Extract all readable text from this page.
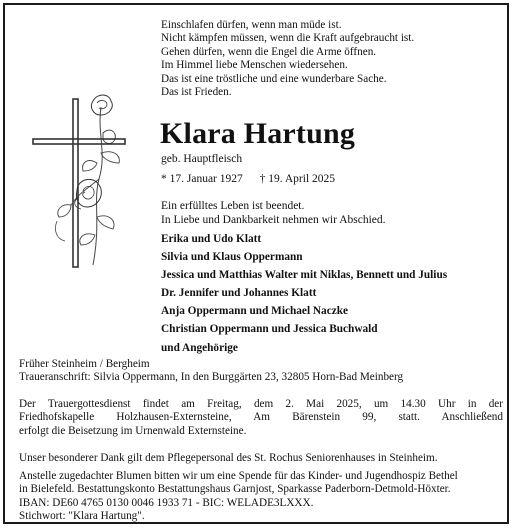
Einschlafen dürfen, wenn man müde ist.
Nicht kämpfen müssen, wenn die Kraft aufgebraucht ist.
Gehen dürfen, wenn die Engel die Arme öffnen.
Im Himmel liebe Menschen wiedersehen.
Das ist eine tröstliche und eine wunderbare Sache.
Das ist Frieden.
Klara Hartung
geb. Hauptfleisch
* 17. Januar 1927 † 19. April 2025
Ein erfülltes Leben ist beendet.
In Liebe und Dankbarkeit nehmen wir Abschied.
Erika und Udo Klatt
Silvia und Klaus Oppermann
Jessica und Matthias Walter mit Niklas, Bennett und Julius
Dr. Jennifer und Johannes Klatt
Anja Oppermann und Michael Naczke
Christian Oppermann und Jessica Buchwald
und Angehörige
Früher Steinheim / Bergheim
Traueranschrift: Silvia Oppermann, In den Burggärten 23, 32805 Horn-Bad Meinberg
Der Trauergottesdienst findet am Freitag, dem 2. Mai 2025, um 14.30 Uhr in der
Friedhofskapelle Holzhausen-Externsteine, Am Bärenstein 99, statt. Anschließend
erfolgt die Beisetzung im Urnenwald Externsteine.
Unser besonderer Dank gilt dem Pflegepersonal des St. Rochus Seniorenhauses in Steinheim.
Anstelle zugedachter Blumen bitten wir um eine Spende für das Kinder- und Jugendhospiz Bethel
in Bielefeld. Bestattungskonto Bestattungshaus Garnjost, Sparkasse Paderborn-Detmold-Höxter.
IBAN: DE60 4765 0130 0046 1933 71 - BIC: WELADE3LXXX.
Stichwort: "Klara Hartung".
